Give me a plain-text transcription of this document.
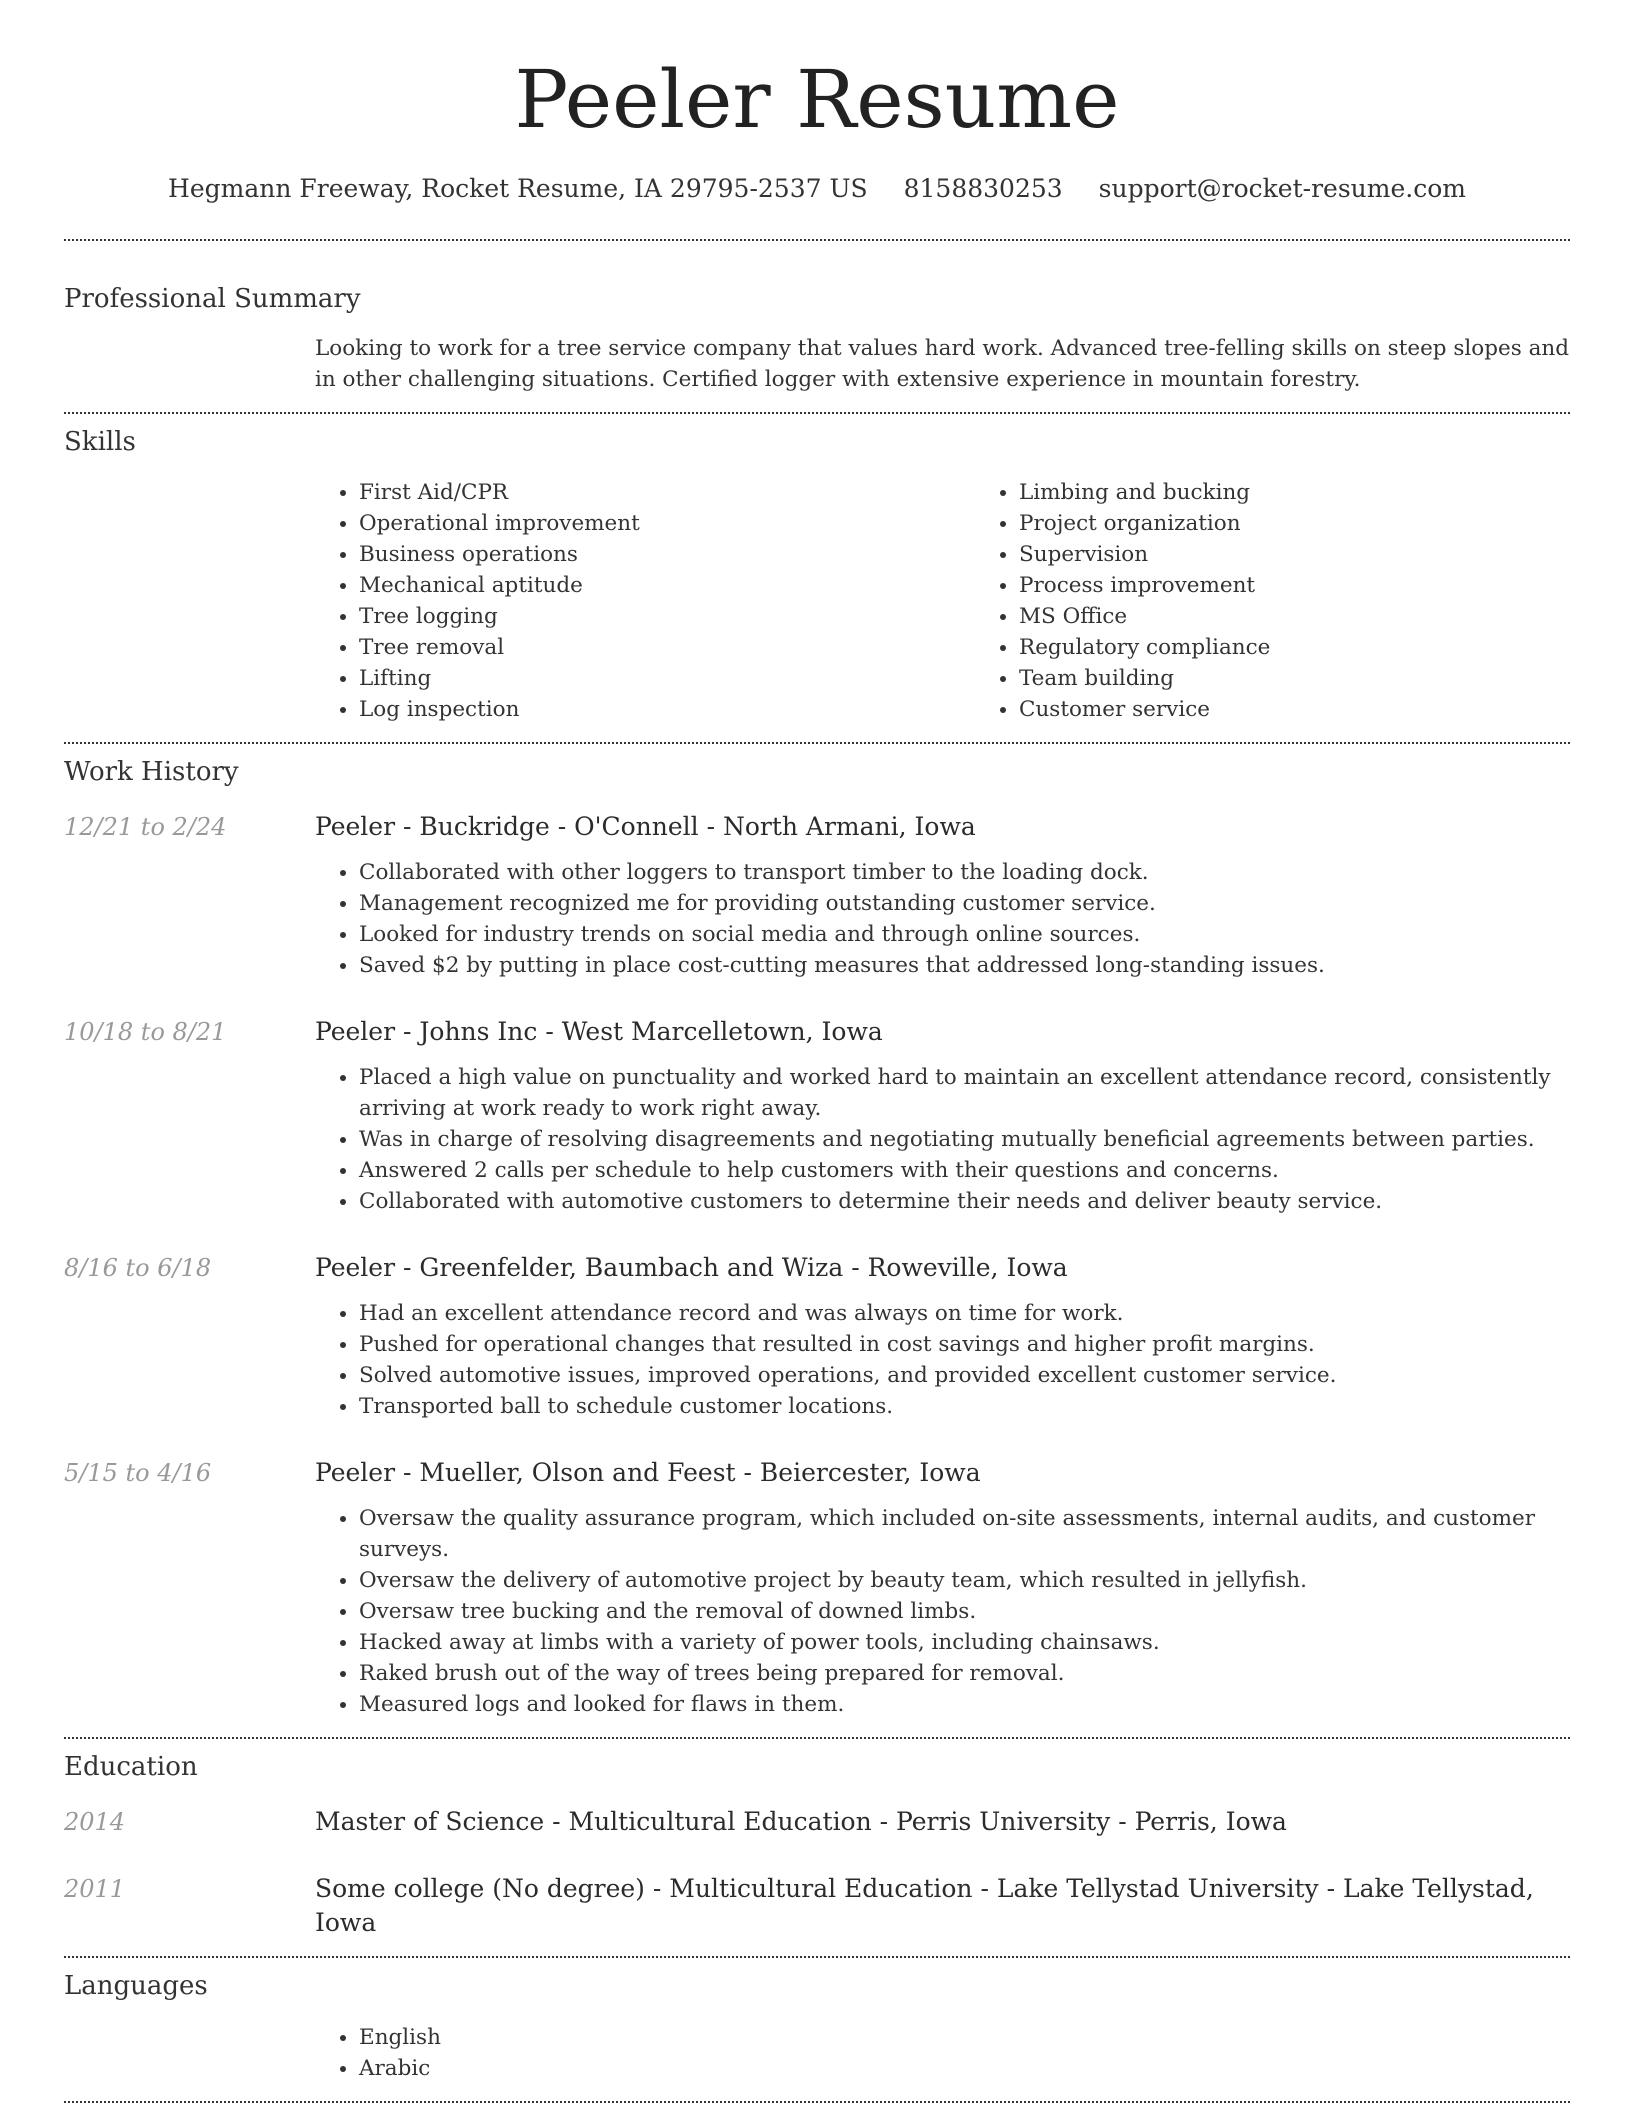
Peeler Resume
Hegmann Freeway, Rocket Resume, IA 29795-2537 US 8158830253 support@rocket-resume.com
Professional Summary
Looking to work for a tree service company that values hard work. Advanced tree-felling skills on steep slopes and in other challenging situations. Certified logger with extensive experience in mountain forestry.
Skills
• First Aid/CPR
• Operational improvement
• Business operations
• Mechanical aptitude
• Tree logging
• Tree removal
• Lifting
• Log inspection
• Limbing and bucking
• Project organization
• Supervision
• Process improvement
• MS Office
• Regulatory compliance
• Team building
• Customer service
Work History
12/21 to 2/24	Peeler - Buckridge - O'Connell - North Armani, Iowa
• Collaborated with other loggers to transport timber to the loading dock.
• Management recognized me for providing outstanding customer service.
• Looked for industry trends on social media and through online sources.
• Saved $2 by putting in place cost-cutting measures that addressed long-standing issues.
10/18 to 8/21	Peeler - Johns Inc - West Marcelletown, Iowa
• Placed a high value on punctuality and worked hard to maintain an excellent attendance record, consistently arriving at work ready to work right away.
• Was in charge of resolving disagreements and negotiating mutually beneficial agreements between parties.
• Answered 2 calls per schedule to help customers with their questions and concerns.
• Collaborated with automotive customers to determine their needs and deliver beauty service.
8/16 to 6/18	Peeler - Greenfelder, Baumbach and Wiza - Roweville, Iowa
• Had an excellent attendance record and was always on time for work.
• Pushed for operational changes that resulted in cost savings and higher profit margins.
• Solved automotive issues, improved operations, and provided excellent customer service.
• Transported ball to schedule customer locations.
5/15 to 4/16	Peeler - Mueller, Olson and Feest - Beiercester, Iowa
• Oversaw the quality assurance program, which included on-site assessments, internal audits, and customer surveys.
• Oversaw the delivery of automotive project by beauty team, which resulted in jellyfish.
• Oversaw tree bucking and the removal of downed limbs.
• Hacked away at limbs with a variety of power tools, including chainsaws.
• Raked brush out of the way of trees being prepared for removal.
• Measured logs and looked for flaws in them.
Education
2014	Master of Science - Multicultural Education - Perris University - Perris, Iowa
2011	Some college (No degree) - Multicultural Education - Lake Tellystad University - Lake Tellystad, Iowa
Languages
• English
• Arabic
